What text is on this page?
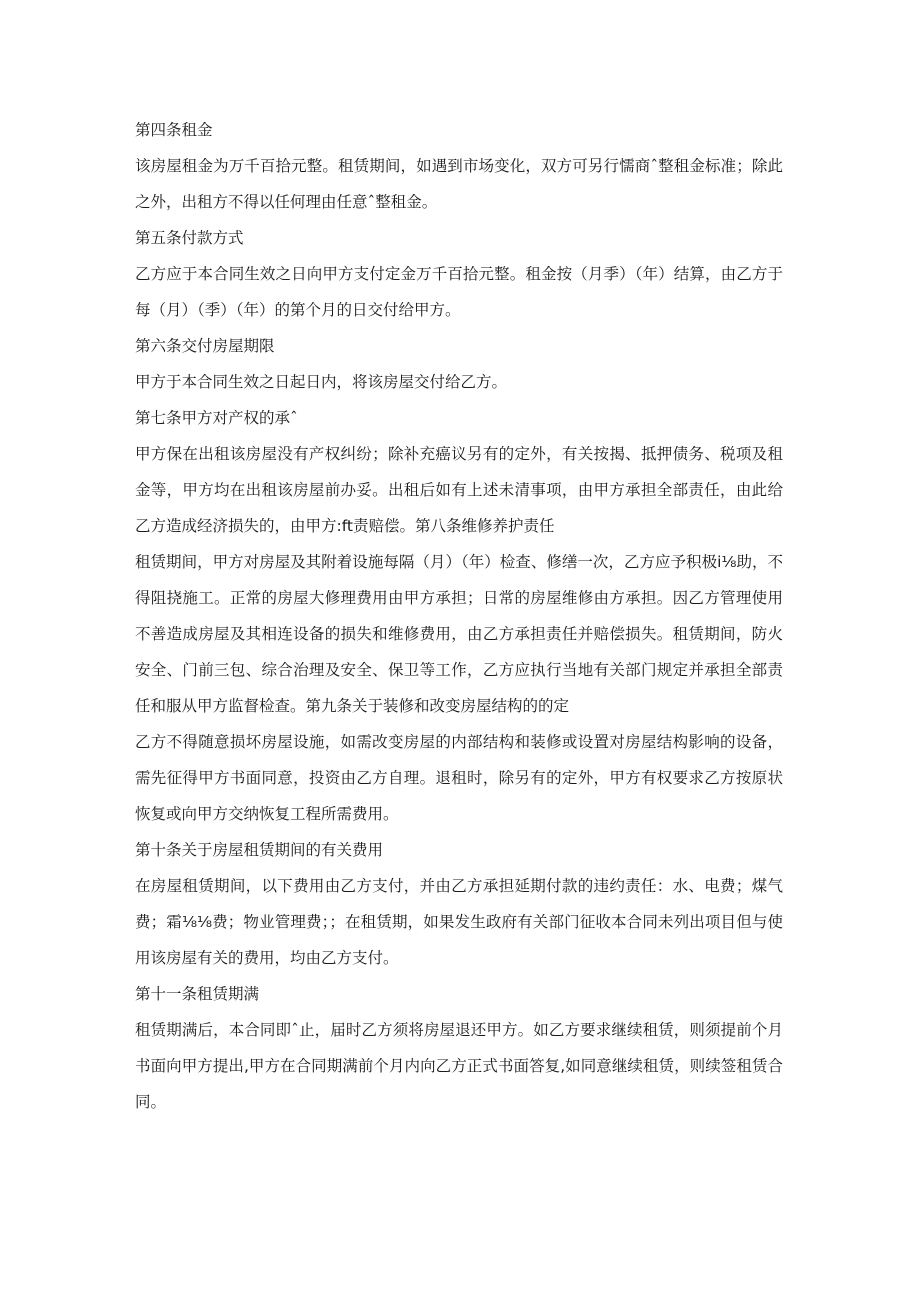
第四条租金

该房屋租金为万千百拾元整。租赁期间，如遇到市场变化，双方可另行懦商ˆ整租金标准；除此之外，出租方不得以任何理由任意ˆ整租金。

第五条付款方式

乙方应于本合同生效之日向甲方支付定金万千百拾元整。租金按（月季）（年）结算，由乙方于每（月）（季）（年）的第个月的日交付给甲方。

第六条交付房屋期限

甲方于本合同生效之日起日内，将该房屋交付给乙方。

第七条甲方对产权的承ˆ

甲方保在出租该房屋没有产权纠纷；除补充癌议另有的定外，有关按揭、抵押债务、税项及租金等，甲方均在出租该房屋前办妥。出租后如有上述未清事项，由甲方承担全部责任，由此给乙方造成经济损失的，由甲方:ft责赔偿。第八条维修养护责任

租赁期间，甲方对房屋及其附着设施每隔（月）（年）检查、修缮一次，乙方应予积极i⅛助，不得阻挠施工。正常的房屋大修理费用由甲方承担；日常的房屋维修由方承担。因乙方管理使用不善造成房屋及其相连设备的损失和维修费用，由乙方承担责任并赔偿损失。租赁期间，防火安全、门前三包、综合治理及安全、保卫等工作，乙方应执行当地有关部门规定并承担全部责任和服从甲方监督检查。第九条关于装修和改变房屋结构的的定

乙方不得随意损坏房屋设施，如需改变房屋的内部结构和装修或设置对房屋结构影响的设备，需先征得甲方书面同意，投资由乙方自理。退租时，除另有的定外，甲方有权要求乙方按原状恢复或向甲方交纳恢复工程所需费用。

第十条关于房屋租赁期间的有关费用

在房屋租赁期间，以下费用由乙方支付，并由乙方承担延期付款的违约责任：水、电费；煤气费；霜⅛⅛费；物业管理费；；在租赁期，如果发生政府有关部门征收本合同未列出项目但与使用该房屋有关的费用，均由乙方支付。

第十一条租赁期满

租赁期满后，本合同即ˆ止，届时乙方须将房屋退还甲方。如乙方要求继续租赁，则须提前个月书面向甲方提出,甲方在合同期满前个月内向乙方正式书面答复,如同意继续租赁，则续签租赁合同。
